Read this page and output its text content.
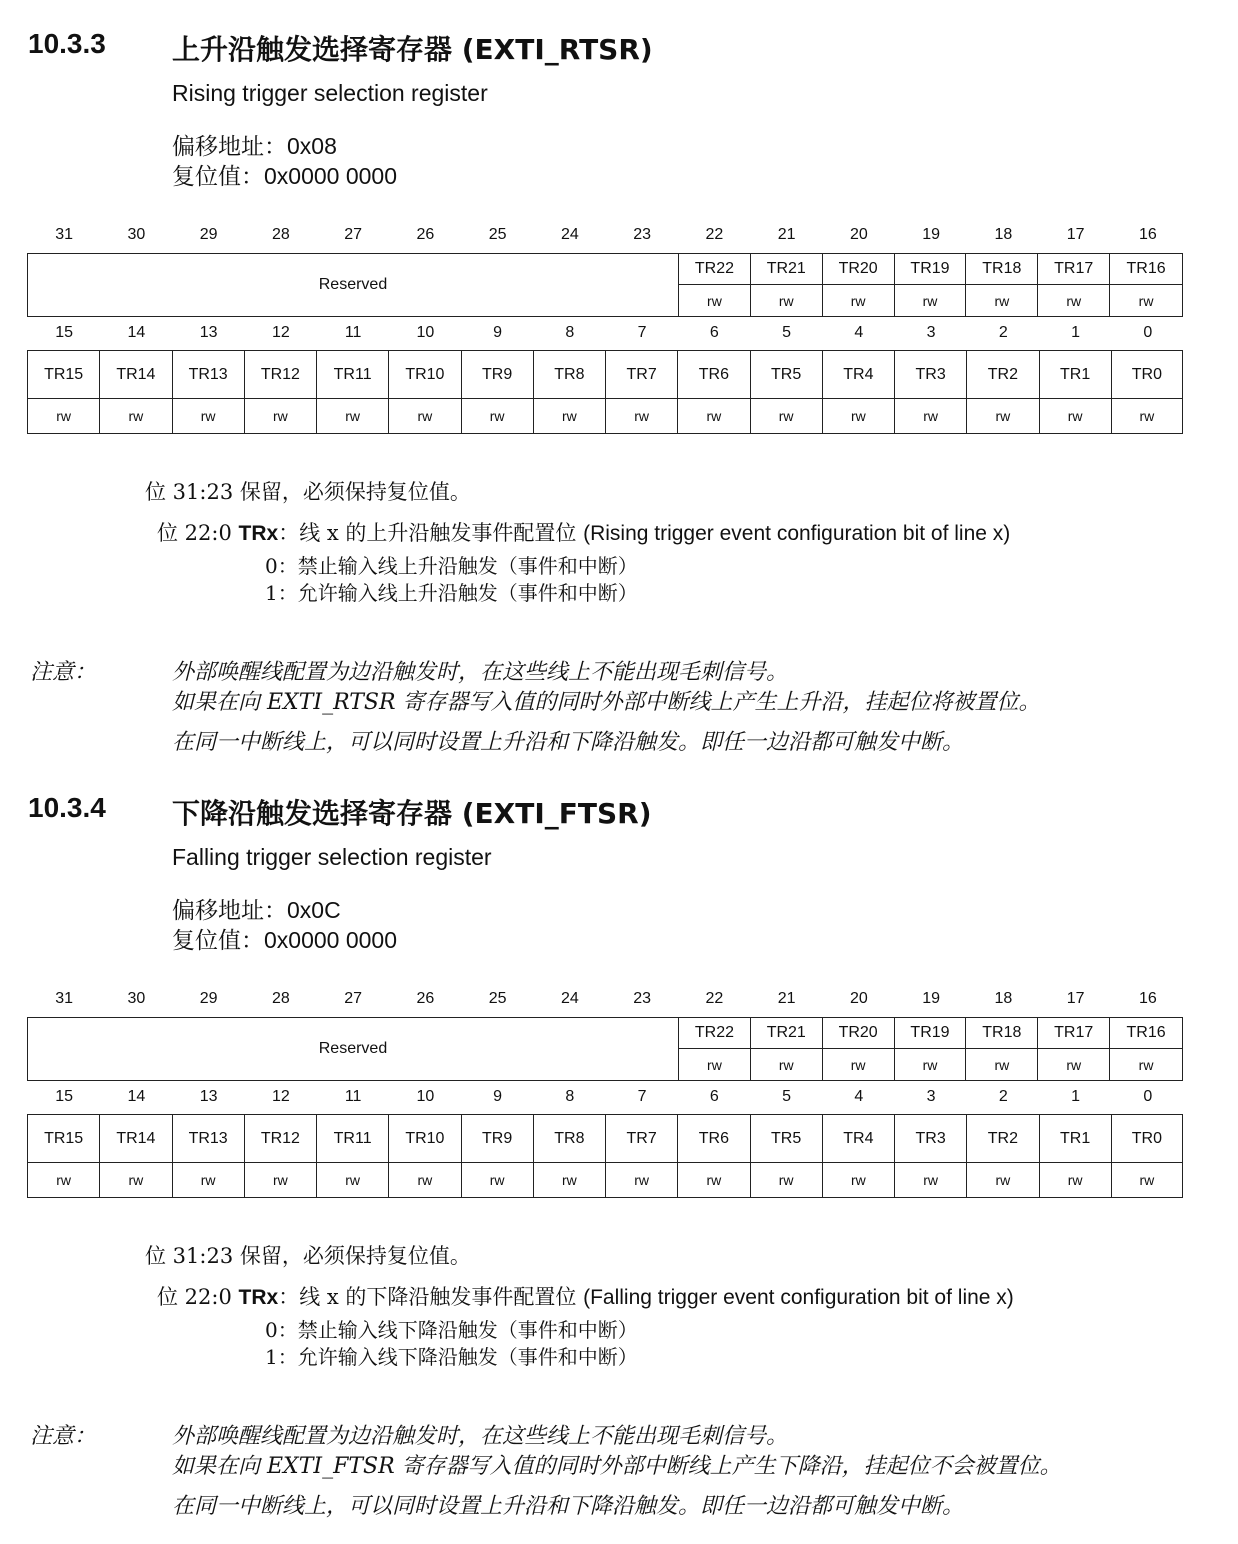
10.3.3 上升沿触发选择寄存器 (EXTI_RTSR)
Rising trigger selection register
偏移地址：0x08
复位值：0x0000 0000
31	30	29	28	27	26	25	24	23	22	21	20	19	18	17	16
Reserved
TR22	TR21	TR20	TR19	TR18	TR17	TR16
rw	rw	rw	rw	rw	rw	rw
15	14	13	12	11	10	9	8	7	6	5	4	3	2	1	0
TR15	TR14	TR13	TR12	TR11	TR10	TR9	TR8	TR7	TR6	TR5	TR4	TR3	TR2	TR1	TR0
rw	rw	rw	rw	rw	rw	rw	rw	rw	rw	rw	rw	rw	rw	rw	rw
位 31:23 保留，必须保持复位值。
位 22:0 TRx：线 x 的上升沿触发事件配置位 (Rising trigger event configuration bit of line x)
0：禁止输入线上升沿触发（事件和中断）
1：允许输入线上升沿触发（事件和中断）
注意：	外部唤醒线配置为边沿触发时，在这些线上不能出现毛刺信号。
如果在向 EXTI_RTSR 寄存器写入值的同时外部中断线上产生上升沿，挂起位将被置位。
在同一中断线上，可以同时设置上升沿和下降沿触发。即任一边沿都可触发中断。
10.3.4 下降沿触发选择寄存器 (EXTI_FTSR)
Falling trigger selection register
偏移地址：0x0C
复位值：0x0000 0000
31	30	29	28	27	26	25	24	23	22	21	20	19	18	17	16
Reserved
TR22	TR21	TR20	TR19	TR18	TR17	TR16
rw	rw	rw	rw	rw	rw	rw
15	14	13	12	11	10	9	8	7	6	5	4	3	2	1	0
TR15	TR14	TR13	TR12	TR11	TR10	TR9	TR8	TR7	TR6	TR5	TR4	TR3	TR2	TR1	TR0
rw	rw	rw	rw	rw	rw	rw	rw	rw	rw	rw	rw	rw	rw	rw	rw
位 31:23 保留，必须保持复位值。
位 22:0 TRx：线 x 的下降沿触发事件配置位 (Falling trigger event configuration bit of line x)
0：禁止输入线下降沿触发（事件和中断）
1：允许输入线下降沿触发（事件和中断）
注意：	外部唤醒线配置为边沿触发时，在这些线上不能出现毛刺信号。
如果在向 EXTI_FTSR 寄存器写入值的同时外部中断线上产生下降沿，挂起位不会被置位。
在同一中断线上，可以同时设置上升沿和下降沿触发。即任一边沿都可触发中断。
